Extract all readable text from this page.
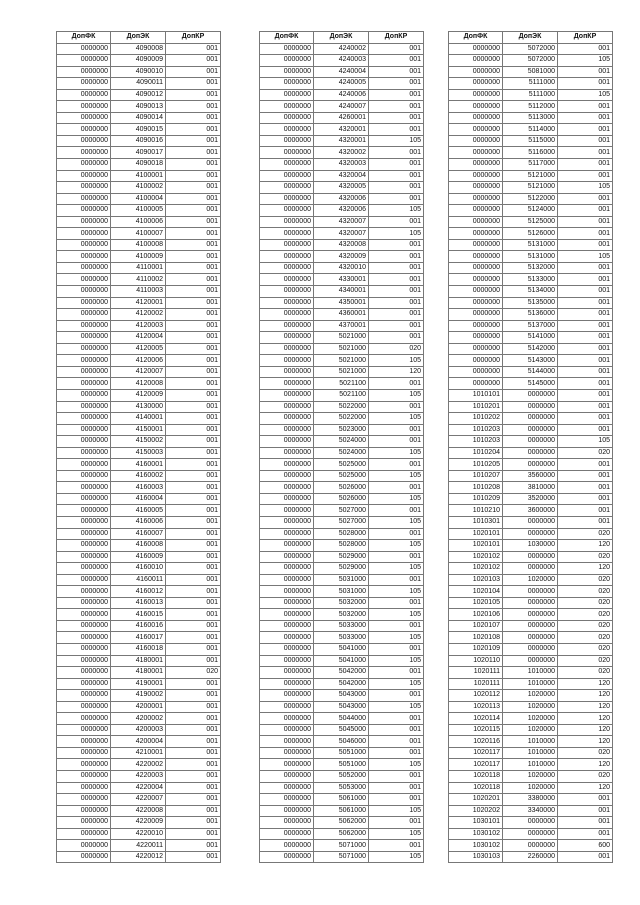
ДопФК	ДопЭК	ДопКР
0000000	4090008	001
0000000	4090009	001
0000000	4090010	001
0000000	4090011	001
0000000	4090012	001
0000000	4090013	001
0000000	4090014	001
0000000	4090015	001
0000000	4090016	001
0000000	4090017	001
0000000	4090018	001
0000000	4100001	001
0000000	4100002	001
0000000	4100004	001
0000000	4100005	001
0000000	4100006	001
0000000	4100007	001
0000000	4100008	001
0000000	4100009	001
0000000	4110001	001
0000000	4110002	001
0000000	4110003	001
0000000	4120001	001
0000000	4120002	001
0000000	4120003	001
0000000	4120004	001
0000000	4120005	001
0000000	4120006	001
0000000	4120007	001
0000000	4120008	001
0000000	4120009	001
0000000	4130000	001
0000000	4140001	001
0000000	4150001	001
0000000	4150002	001
0000000	4150003	001
0000000	4160001	001
0000000	4160002	001
0000000	4160003	001
0000000	4160004	001
0000000	4160005	001
0000000	4160006	001
0000000	4160007	001
0000000	4160008	001
0000000	4160009	001
0000000	4160010	001
0000000	4160011	001
0000000	4160012	001
0000000	4160013	001
0000000	4160015	001
0000000	4160016	001
0000000	4160017	001
0000000	4160018	001
0000000	4180001	001
0000000	4180001	020
0000000	4190001	001
0000000	4190002	001
0000000	4200001	001
0000000	4200002	001
0000000	4200003	001
0000000	4200004	001
0000000	4210001	001
0000000	4220002	001
0000000	4220003	001
0000000	4220004	001
0000000	4220007	001
0000000	4220008	001
0000000	4220009	001
0000000	4220010	001
0000000	4220011	001
0000000	4220012	001
ДопФК	ДопЭК	ДопКР
0000000	4240002	001
0000000	4240003	001
0000000	4240004	001
0000000	4240005	001
0000000	4240006	001
0000000	4240007	001
0000000	4260001	001
0000000	4320001	001
0000000	4320001	105
0000000	4320002	001
0000000	4320003	001
0000000	4320004	001
0000000	4320005	001
0000000	4320006	001
0000000	4320006	105
0000000	4320007	001
0000000	4320007	105
0000000	4320008	001
0000000	4320009	001
0000000	4320010	001
0000000	4330001	001
0000000	4340001	001
0000000	4350001	001
0000000	4360001	001
0000000	4370001	001
0000000	5021000	001
0000000	5021000	020
0000000	5021000	105
0000000	5021000	120
0000000	5021100	001
0000000	5021100	105
0000000	5022000	001
0000000	5022000	105
0000000	5023000	001
0000000	5024000	001
0000000	5024000	105
0000000	5025000	001
0000000	5025000	105
0000000	5026000	001
0000000	5026000	105
0000000	5027000	001
0000000	5027000	105
0000000	5028000	001
0000000	5028000	105
0000000	5029000	001
0000000	5029000	105
0000000	5031000	001
0000000	5031000	105
0000000	5032000	001
0000000	5032000	105
0000000	5033000	001
0000000	5033000	105
0000000	5041000	001
0000000	5041000	105
0000000	5042000	001
0000000	5042000	105
0000000	5043000	001
0000000	5043000	105
0000000	5044000	001
0000000	5045000	001
0000000	5046000	001
0000000	5051000	001
0000000	5051000	105
0000000	5052000	001
0000000	5053000	001
0000000	5061000	001
0000000	5061000	105
0000000	5062000	001
0000000	5062000	105
0000000	5071000	001
0000000	5071000	105
ДопФК	ДопЭК	ДопКР
0000000	5072000	001
0000000	5072000	105
0000000	5081000	001
0000000	5111000	001
0000000	5111000	105
0000000	5112000	001
0000000	5113000	001
0000000	5114000	001
0000000	5115000	001
0000000	5116000	001
0000000	5117000	001
0000000	5121000	001
0000000	5121000	105
0000000	5122000	001
0000000	5124000	001
0000000	5125000	001
0000000	5126000	001
0000000	5131000	001
0000000	5131000	105
0000000	5132000	001
0000000	5133000	001
0000000	5134000	001
0000000	5135000	001
0000000	5136000	001
0000000	5137000	001
0000000	5141000	001
0000000	5142000	001
0000000	5143000	001
0000000	5144000	001
0000000	5145000	001
1010101	0000000	001
1010201	0000000	001
1010202	0000000	001
1010203	0000000	001
1010203	0000000	105
1010204	0000000	020
1010205	0000000	001
1010207	3560000	001
1010208	3810000	001
1010209	3520000	001
1010210	3600000	001
1010301	0000000	001
1020101	0000000	020
1020101	1030000	120
1020102	0000000	020
1020102	0000000	120
1020103	1020000	020
1020104	0000000	020
1020105	0000000	020
1020106	0000000	020
1020107	0000000	020
1020108	0000000	020
1020109	0000000	020
1020110	0000000	020
1020111	1010000	020
1020111	1010000	120
1020112	1020000	120
1020113	1020000	120
1020114	1020000	120
1020115	1020000	120
1020116	1010000	120
1020117	1010000	020
1020117	1010000	120
1020118	1020000	020
1020118	1020000	120
1020201	3380000	001
1020202	3340000	001
1030101	0000000	001
1030102	0000000	001
1030102	0000000	600
1030103	2260000	001
